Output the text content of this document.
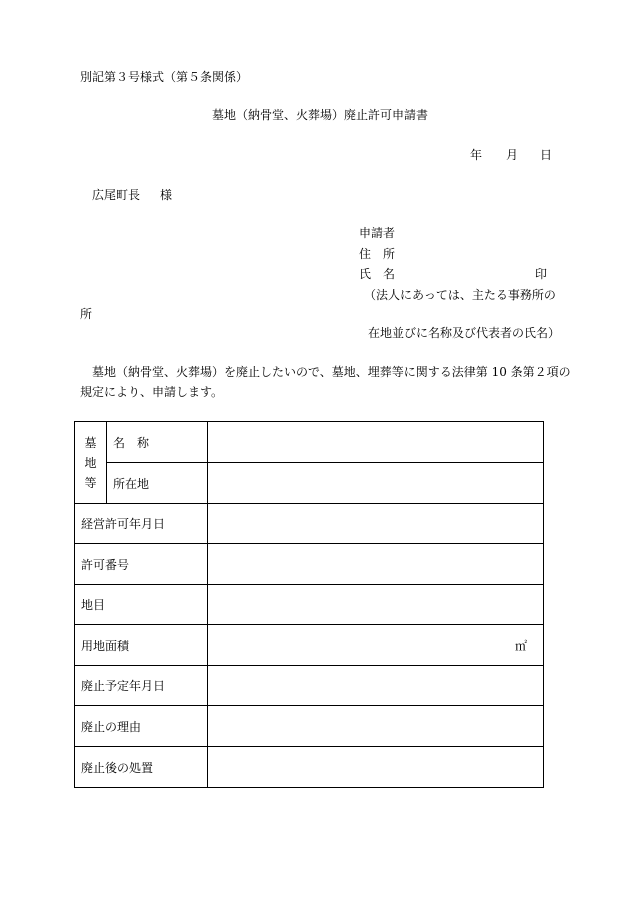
別記第３号様式（第５条関係）
墓地（納骨堂、火葬場）廃止許可申請書
年 月 日
広尾町長 様
申請者
住　所
氏　名	印
（法人にあっては、主たる事務所の
所
在地並びに名称及び代表者の氏名）
墓地（納骨堂、火葬場）を廃止したいので、墓地、埋葬等に関する法律第 10 条第２項の
規定により、申請します。
墓
地
等	名　称	
	所在地	
経営許可年月日		
許可番号		
地目		
用地面積		㎡

廃止予定年月日		
廃止の理由		
廃止後の処置		
